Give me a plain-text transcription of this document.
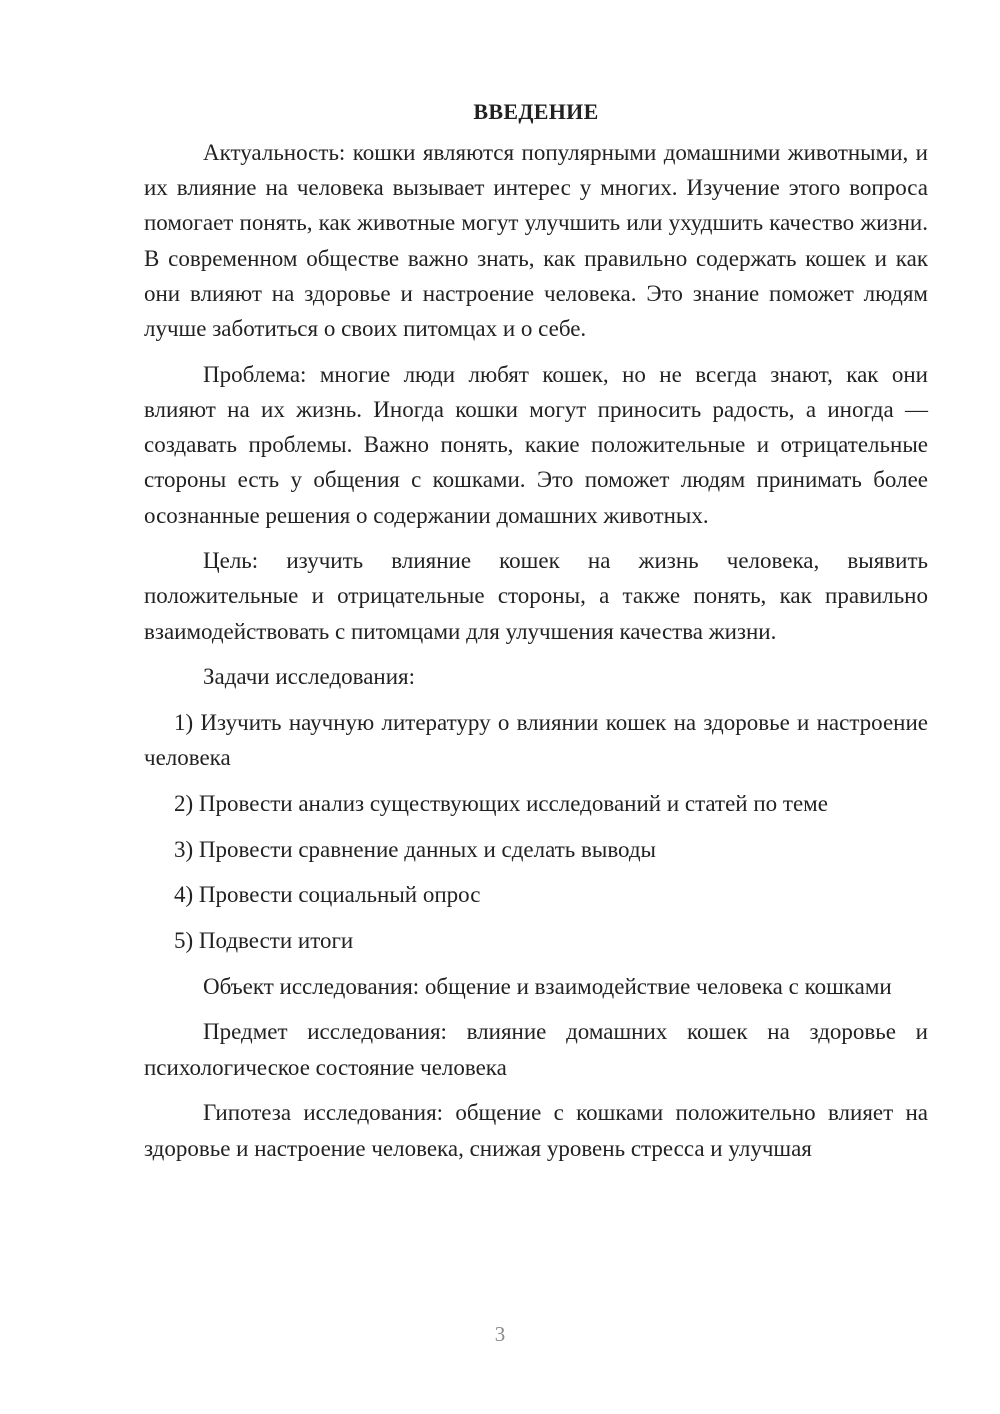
ВВЕДЕНИЕ

Актуальность: кошки являются популярными домашними животными, и их влияние на человека вызывает интерес у многих. Изучение этого вопроса помогает понять, как животные могут улучшить или ухудшить качество жизни. В современном обществе важно знать, как правильно содержать кошек и как они влияют на здоровье и настроение человека. Это знание поможет людям лучше заботиться о своих питомцах и о себе.

Проблема: многие люди любят кошек, но не всегда знают, как они влияют на их жизнь. Иногда кошки могут приносить радость, а иногда — создавать проблемы. Важно понять, какие положительные и отрицательные стороны есть у общения с кошками. Это поможет людям принимать более осознанные решения о содержании домашних животных.

Цель: изучить влияние кошек на жизнь человека, выявить положительные и отрицательные стороны, а также понять, как правильно взаимодействовать с питомцами для улучшения качества жизни.

Задачи исследования:

1) Изучить научную литературу о влиянии кошек на здоровье и настроение человека

2) Провести анализ существующих исследований и статей по теме

3) Провести сравнение данных и сделать выводы

4) Провести социальный опрос

5) Подвести итоги

Объект исследования: общение и взаимодействие человека с кошками

Предмет исследования: влияние домашних кошек на здоровье и психологическое состояние человека

Гипотеза исследования: общение с кошками положительно влияет на здоровье и настроение человека, снижая уровень стресса и улучшая

3
